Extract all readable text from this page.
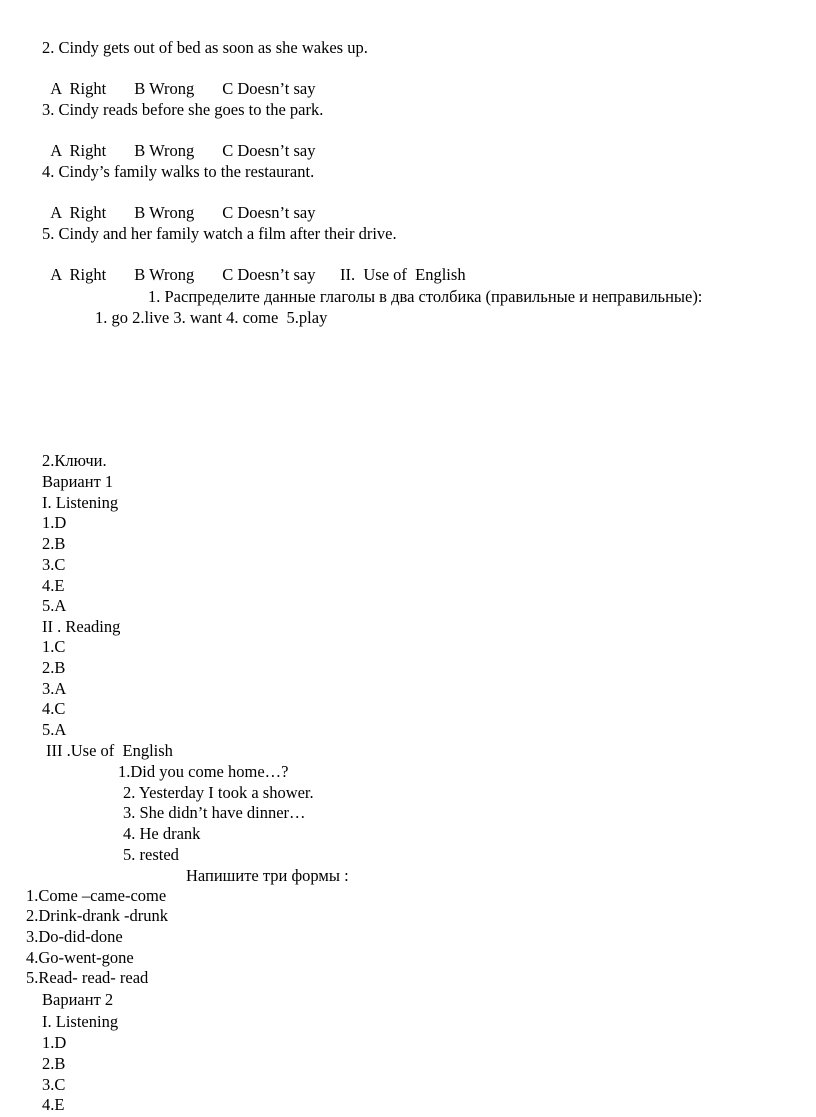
2. Cindy gets out of bed as soon as she wakes up.

A  Right B Wrong C Doesn’t say

3. Cindy reads before she goes to the park.

A  Right B Wrong C Doesn’t say

4. Cindy’s family walks to the restaurant.

A  Right B Wrong C Doesn’t say

5. Cindy and her family watch a film after their drive.

A  Right B Wrong C Doesn’t say II.  Use of  English
1. Распределите данные глаголы в два столбика (правильные и неправильные):
1. go 2.live 3. want 4. come  5.play
2.Ключи.
Вариант 1
I. Listening
1.D
2.B
3.C
4.E
5.A
II . Reading
1.C
2.B
3.A
4.C
5.A
III .Use of  English
1.Did you come home…?
2. Yesterday I took a shower.
3. She didn’t have dinner…
4. He drank
5. rested
Напишите три формы :
1.Come –came-come
2.Drink-drank -drunk
3.Do-did-done
4.Go-went-gone
5.Read- read- read
Вариант 2
I. Listening
1.D
2.B
3.C
4.E
